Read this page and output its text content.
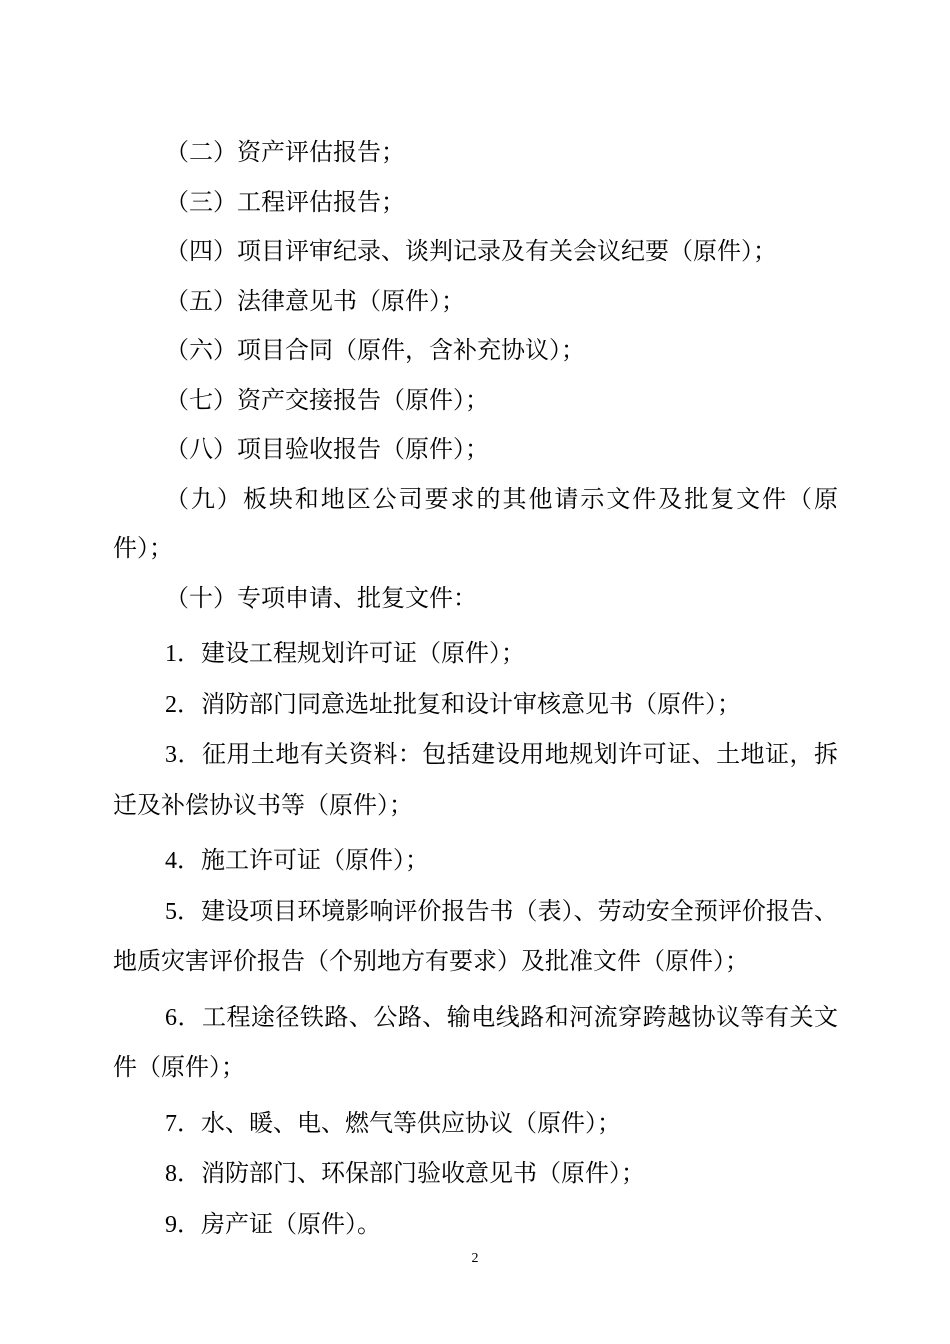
（二）资产评估报告；

（三）工程评估报告；

（四）项目评审纪录、谈判记录及有关会议纪要（原件）；

（五）法律意见书（原件）；

（六）项目合同（原件，含补充协议）；

（七）资产交接报告（原件）；

（八）项目验收报告（原件）；

（九）板块和地区公司要求的其他请示文件及批复文件（原件）；

（十）专项申请、批复文件：

1．建设工程规划许可证（原件）；

2．消防部门同意选址批复和设计审核意见书（原件）；

3．征用土地有关资料：包括建设用地规划许可证、土地证，拆迁及补偿协议书等（原件）；

4．施工许可证（原件）；

5．建设项目环境影响评价报告书（表）、劳动安全预评价报告、地质灾害评价报告（个别地方有要求）及批准文件（原件）；

6．工程途径铁路、公路、输电线路和河流穿跨越协议等有关文件（原件）；

7．水、暖、电、燃气等供应协议（原件）；

8．消防部门、环保部门验收意见书（原件）；

9．房产证（原件）。

2
